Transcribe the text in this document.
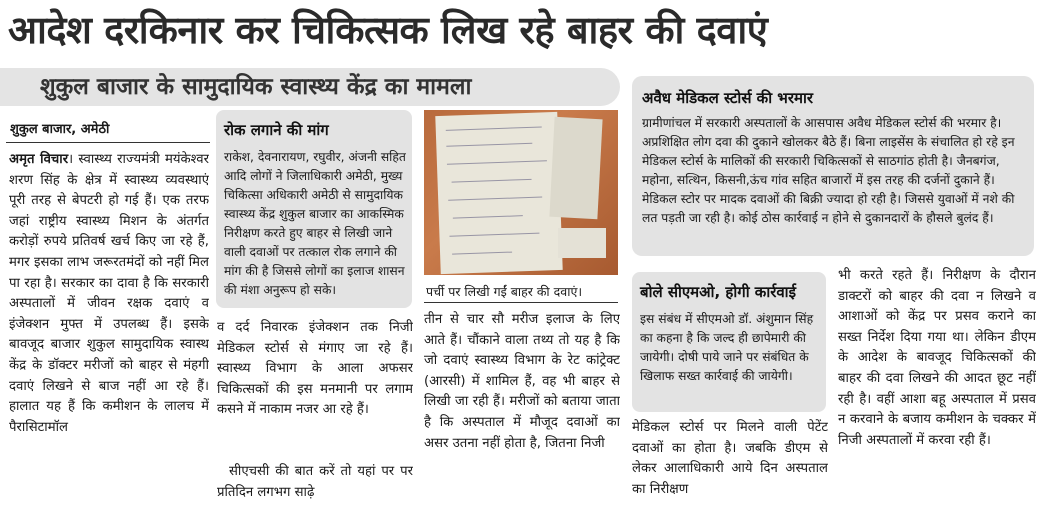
आदेश दरकिनार कर चिकित्सक लिख रहे बाहर की दवाएं
शुकुल बाजार के सामुदायिक स्वास्थ्य केंद्र का मामला
शुकुल बाजार, अमेठी
अमृत विचार। स्वास्थ्य राज्यमंत्री मयंकेश्वर शरण सिंह के क्षेत्र में स्वास्थ्य व्यवस्थाएं पूरी तरह से बेपटरी हो गई हैं। एक तरफ जहां राष्ट्रीय स्वास्थ्य मिशन के अंतर्गत करोड़ों रुपये प्रतिवर्ष खर्च किए जा रहे हैं, मगर इसका लाभ जरूरतमंदों को नहीं मिल पा रहा है। सरकार का दावा है कि सरकारी अस्पतालों में जीवन रक्षक दवाएं व इंजेक्शन मुफ्त में उपलब्ध हैं। इसके बावजूद बाजार शुकुल सामुदायिक स्वास्थ केंद्र के डॉक्टर मरीजों को बाहर से मंहगी दवाएं लिखने से बाज नहीं आ रहे हैं। हालात यह हैं कि कमीशन के लालच में पैरासिटामॉल
रोक लगाने की मांग
राकेश, देवनारायण, रघुवीर, अंजनी सहित आदि लोगों ने जिलाधिकारी अमेठी, मुख्य चिकित्सा अधिकारी अमेठी से सामुदायिक स्वास्थ्य केंद्र शुकुल बाजार का आकस्मिक निरीक्षण करते हुए बाहर से लिखी जाने वाली दवाओं पर तत्काल रोक लगाने की मांग की है जिससे लोगों का इलाज शासन की मंशा अनुरूप हो सके।
व दर्द निवारक इंजेक्शन तक निजी मेडिकल स्टोर्स से मंगाए जा रहे हैं। स्वास्थ्य विभाग के आला अफसर चिकित्सकों की इस मनमानी पर लगाम कसने में नाकाम नजर आ रहे हैं।
सीएचसी की बात करें तो यहां पर पर प्रतिदिन लगभग साढ़े
पर्ची पर लिखी गईं बाहर की दवाएं।
तीन से चार सौ मरीज इलाज के लिए आते हैं। चौंकाने वाला तथ्य तो यह है कि जो दवाएं स्वास्थ्य विभाग के रेट कांट्रेक्ट (आरसी) में शामिल हैं, वह भी बाहर से लिखी जा रही हैं। मरीजों को बताया जाता है कि अस्पताल में मौजूद दवाओं का असर उतना नहीं होता है, जितना निजी
अवैध मेडिकल स्टोर्स की भरमार
ग्रामीणांचल में सरकारी अस्पतालों के आसपास अवैध मेडिकल स्टोर्स की भरमार है। अप्रशिक्षित लोग दवा की दुकाने खोलकर बैठे हैं। बिना लाइसेंस के संचालित हो रहे इन मेडिकल स्टोर्स के मालिकों की सरकारी चिकित्सकों से साठगांठ होती है। जैनबगंज, महोना, सत्थिन, किसनी,ऊंच गांव सहित बाजारों में इस तरह की दर्जनों दुकाने हैं। मेडिकल स्टोर पर मादक दवाओं की बिक्री ज्यादा हो रही है। जिससे युवाओं में नशे की लत पड़ती जा रही है। कोई ठोस कार्रवाई न होने से दुकानदारों के हौसले बुलंद हैं।
बोले सीएमओ, होगी कार्रवाई
इस संबंध में सीएमओ डॉ. अंशुमान सिंह का कहना है कि जल्द ही छापेमारी की जायेगी। दोषी पाये जाने पर संबंधित के खिलाफ सख्त कार्रवाई की जायेगी।
मेडिकल स्टोर्स पर मिलने वाली पेटेंट दवाओं का होता है। जबकि डीएम से लेकर आलाधिकारी आये दिन अस्पताल का निरीक्षण
भी करते रहते हैं। निरीक्षण के दौरान डाक्टरों को बाहर की दवा न लिखने व आशाओं को केंद्र पर प्रसव कराने का सख्त निर्देश दिया गया था। लेकिन डीएम के आदेश के बावजूद चिकित्सकों की बाहर की दवा लिखने की आदत छूट नहीं रही है। वहीं आशा बहू अस्पताल में प्रसव न करवाने के बजाय कमीशन के चक्कर में निजी अस्पतालों में करवा रही हैं।
